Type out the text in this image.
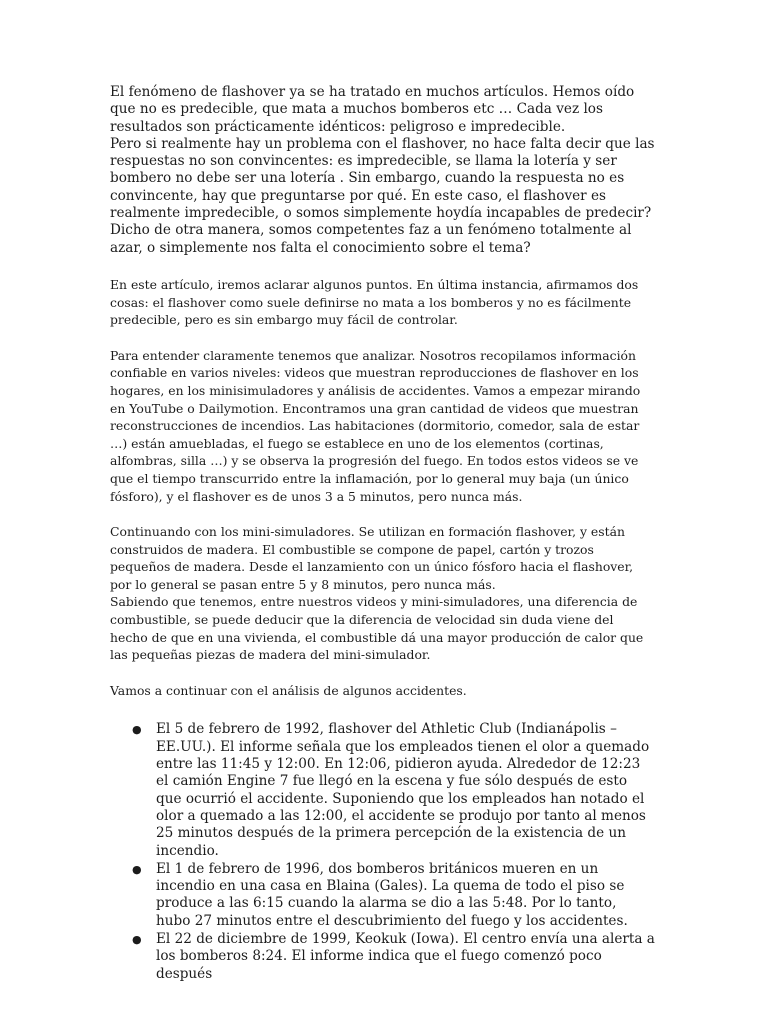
El fenómeno de flashover ya se ha tratado en muchos artículos. Hemos oído que no es predecible, que mata a muchos bomberos etc … Cada vez los resultados son prácticamente idénticos: peligroso e impredecible.

Pero si realmente hay un problema con el flashover, no hace falta decir que las respuestas no son convincentes: es impredecible, se llama la lotería y ser bombero no debe ser una lotería . Sin embargo, cuando la respuesta no es convincente, hay que preguntarse por qué. En este caso, el flashover es realmente impredecible, o somos simplemente hoydía incapables de predecir? Dicho de otra manera, somos competentes faz a un fenómeno totalmente al azar, o simplemente nos falta el conocimiento sobre el tema?

En este artículo, iremos aclarar algunos puntos. En última instancia, afirmamos dos cosas: el flashover como suele definirse no mata a los bomberos y no es fácilmente predecible, pero es sin embargo muy fácil de controlar.

Para entender claramente tenemos que analizar. Nosotros recopilamos información confiable en varios niveles: videos que muestran reproducciones de flashover en los hogares, en los minisimuladores y análisis de accidentes. Vamos a empezar mirando en YouTube o Dailymotion. Encontramos una gran cantidad de videos que muestran reconstrucciones de incendios. Las habitaciones (dormitorio, comedor, sala de estar …) están amuebladas, el fuego se establece en uno de los elementos (cortinas, alfombras, silla …) y se observa la progresión del fuego. En todos estos videos se ve que el tiempo transcurrido entre la inflamación, por lo general muy baja (un único fósforo), y el flashover es de unos 3 a 5 minutos, pero nunca más.

Continuando con los mini-simuladores. Se utilizan en formación flashover, y están construidos de madera. El combustible se compone de papel, cartón y trozos pequeños de madera. Desde el lanzamiento con un único fósforo hacia el flashover, por lo general se pasan entre 5 y 8 minutos, pero nunca más.

Sabiendo que tenemos, entre nuestros videos y mini-simuladores, una diferencia de combustible, se puede deducir que la diferencia de velocidad sin duda viene del hecho de que en una vivienda, el combustible dá una mayor producción de calor que las pequeñas piezas de madera del mini-simulador.

Vamos a continuar con el análisis de algunos accidentes.

● El 5 de febrero de 1992, flashover del Athletic Club (Indianápolis – EE.UU.). El informe señala que los empleados tienen el olor a quemado entre las 11:45 y 12:00. En 12:06, pidieron ayuda. Alrededor de 12:23 el camión Engine 7 fue llegó en la escena y fue sólo después de esto que ocurrió el accidente. Suponiendo que los empleados han notado el olor a quemado a las 12:00, el accidente se produjo por tanto al menos 25 minutos después de la primera percepción de la existencia de un incendio.
● El 1 de febrero de 1996, dos bomberos británicos mueren en un incendio en una casa en Blaina (Gales). La quema de todo el piso se produce a las 6:15 cuando la alarma se dio a las 5:48. Por lo tanto, hubo 27 minutos entre el descubrimiento del fuego y los accidentes.
● El 22 de diciembre de 1999, Keokuk (Iowa). El centro envía una alerta a los bomberos 8:24. El informe indica que el fuego comenzó poco después
